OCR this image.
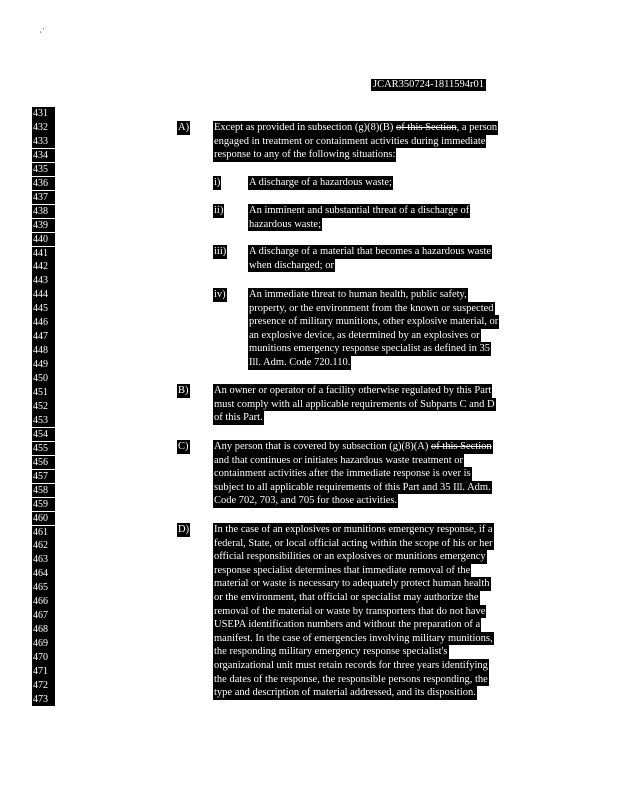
, '
JCAR350724-1811594r01
431
432
433
434
435
436
437
438
439
440
441
442
443
444
445
446
447
448
449
450
451
452
453
454
455
456
457
458
459
460
461
462
463
464
465
466
467
468
469
470
471
472
473
A) Except as provided in subsection (g)(8)(B) of this Section, a person
engaged in treatment or containment activities during immediate
response to any of the following situations:
i)	A discharge of a hazardous waste;
ii) An imminent and substantial threat of a discharge of
hazardous waste;
iii) A discharge of a material that becomes a hazardous waste
when discharged; or
iv) An immediate threat to human health, public safety,
property, or the environment from the known or suspected
presence of military munitions, other explosive material, or
an explosive device, as determined by an explosives or
munitions emergency response specialist as defined in 35
Ill. Adm. Code 720.110.
B) An owner or operator of a facility otherwise regulated by this Part
must comply with all applicable requirements of Subparts C and D
of this Part.
C) Any person that is covered by subsection (g)(8)(A) of this Section
and that continues or initiates hazardous waste treatment or
containment activities after the immediate response is over is
subject to all applicable requirements of this Part and 35 Ill. Adm.
Code 702, 703, and 705 for those activities.
D) In the case of an explosives or munitions emergency response, if a
federal, State, or local official acting within the scope of his or her
official responsibilities or an explosives or munitions emergency
response specialist determines that immediate removal of the
material or waste is necessary to adequately protect human health
or the environment, that official or specialist may authorize the
removal of the material or waste by transporters that do not have
USEPA identification numbers and without the preparation of a
manifest. In the case of emergencies involving military munitions,
the responding military emergency response specialist's
organizational unit must retain records for three years identifying
the dates of the response, the responsible persons responding, the
type and description of material addressed, and its disposition.
